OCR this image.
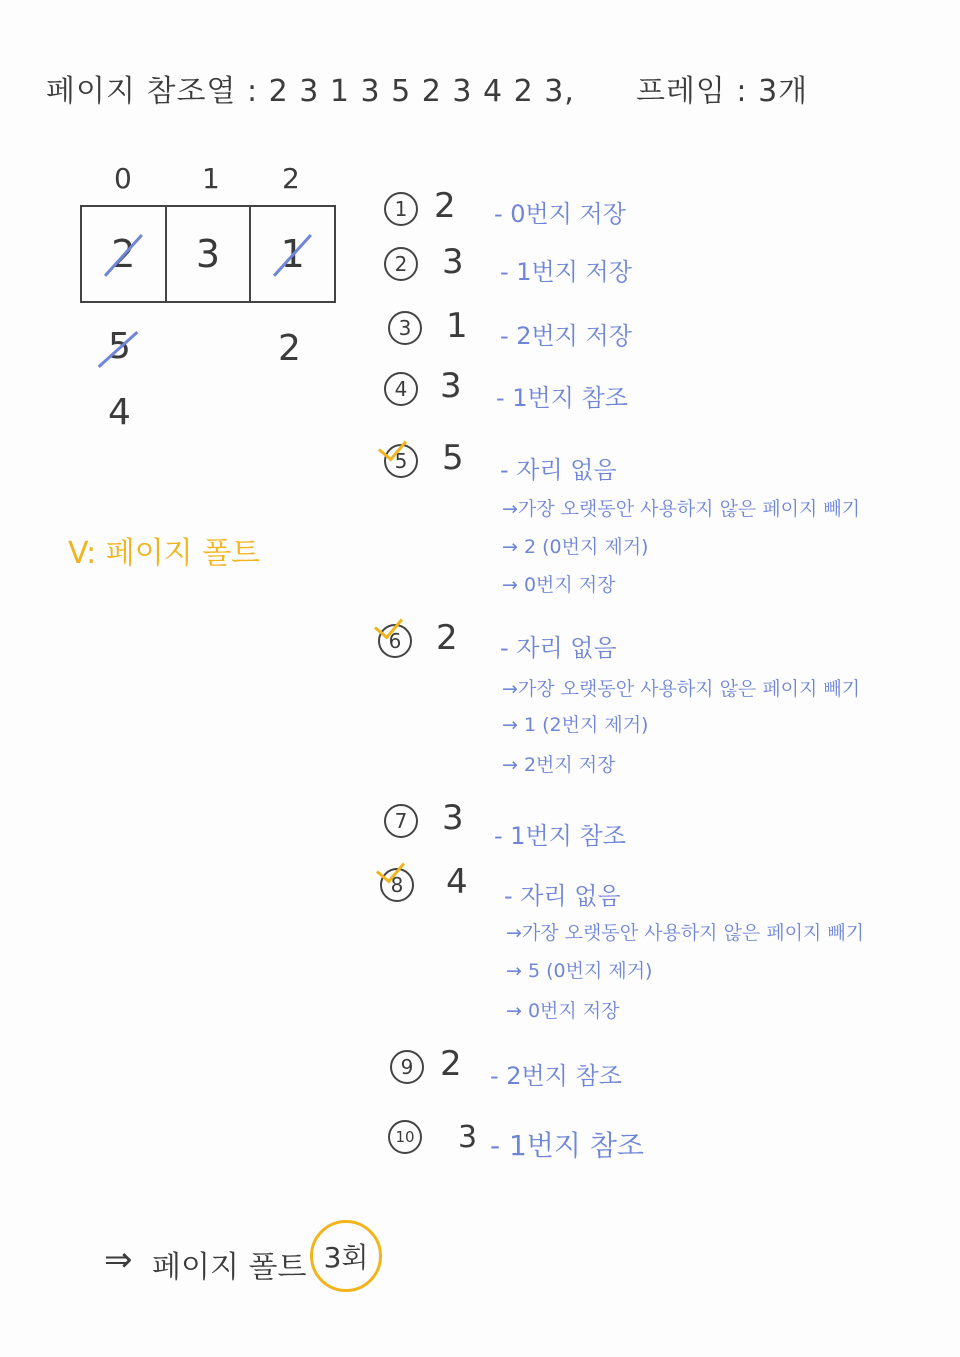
페이지 참조열 : 2 3 1 3 5 2 3 4 2 3, 프레임 : 3개
0	1 2
2 3 1
5
4
2
V: 페이지 폴트
1 2 - 0번지 저장
2	3 - 1번지 저장
3	1 - 2번지 저장
4 3 - 1번지 참조
5	5 - 자리 없음
→가장 오랫동안 사용하지 않은 페이지 빼기
→ 2 (0번지 제거)
→ 0번지 저장
6	2 - 자리 없음
→가장 오랫동안 사용하지 않은 페이지 빼기
→ 1 (2번지 제거)
→ 2번지 저장
7	3 - 1번지 참조
8	4 - 자리 없음
→가장 오랫동안 사용하지 않은 페이지 빼기
→ 5 (0번지 제거)
→ 0번지 저장
9 2 - 2번지 참조
10 3 - 1번지 참조
⇒ 페이지 폴트 3회
